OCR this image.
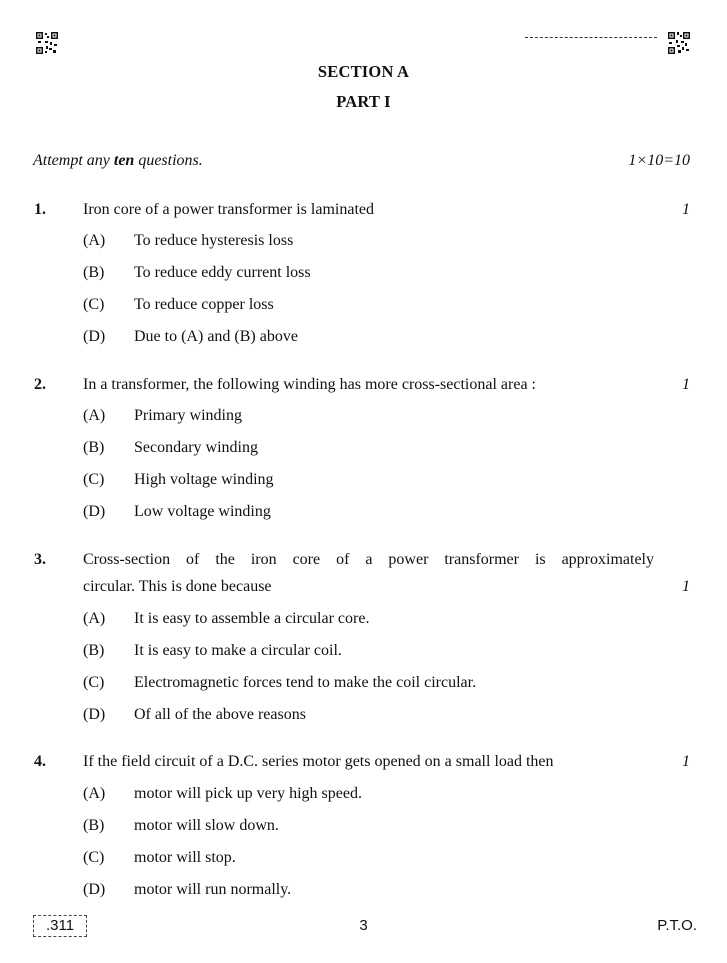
SECTION A
PART I
Attempt any ten questions.	1×10=10
1. Iron core of a power transformer is laminated	1
(A) To reduce hysteresis loss
(B) To reduce eddy current loss
(C) To reduce copper loss
(D) Due to (A) and (B) above
2. In a transformer, the following winding has more cross-sectional area :	1
(A) Primary winding
(B) Secondary winding
(C) High voltage winding
(D) Low voltage winding
3. Cross-section of the iron core of a power transformer is approximately
circular. This is done because	1
(A) It is easy to assemble a circular core.
(B) It is easy to make a circular coil.
(C) Electromagnetic forces tend to make the coil circular.
(D) Of all of the above reasons
4. If the field circuit of a D.C. series motor gets opened on a small load then	1
(A) motor will pick up very high speed.
(B) motor will slow down.
(C) motor will stop.
(D) motor will run normally.
.311	3	P.T.O.
